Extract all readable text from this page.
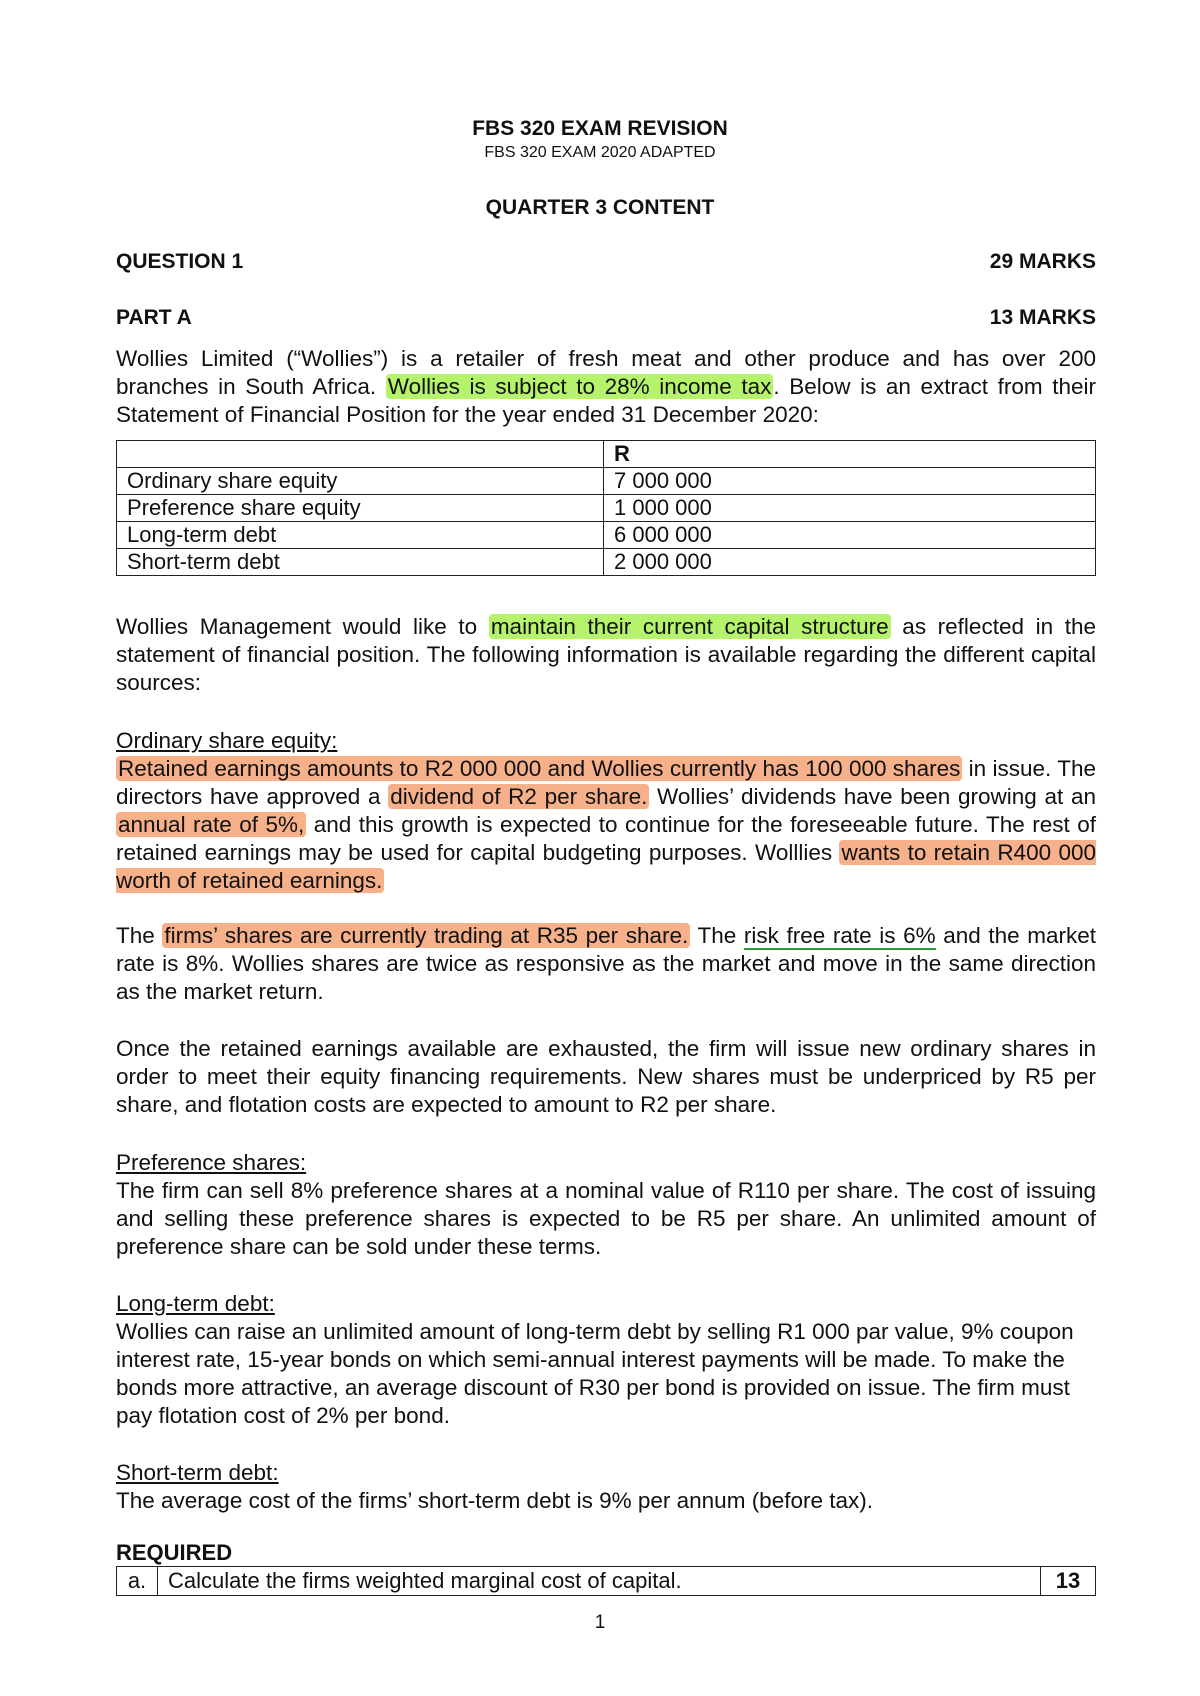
FBS 320 EXAM REVISION
FBS 320 EXAM 2020 ADAPTED
QUARTER 3 CONTENT
QUESTION 1	29 MARKS
PART A	13 MARKS
Wollies Limited (“Wollies”) is a retailer of fresh meat and other produce and has over 200 branches in South Africa. Wollies is subject to 28% income tax. Below is an extract from their Statement of Financial Position for the year ended 31 December 2020:
	R
Ordinary share equity	7 000 000
Preference share equity	1 000 000
Long-term debt	6 000 000
Short-term debt	2 000 000
Wollies Management would like to maintain their current capital structure as reflected in the statement of financial position. The following information is available regarding the different capital sources:
Ordinary share equity:
Retained earnings amounts to R2 000 000 and Wollies currently has 100 000 shares in issue. The directors have approved a dividend of R2 per share. Wollies’ dividends have been growing at an annual rate of 5%, and this growth is expected to continue for the foreseeable future. The rest of retained earnings may be used for capital budgeting purposes. Wolllies wants to retain R400 000 worth of retained earnings.
The firms’ shares are currently trading at R35 per share. The risk free rate is 6% and the market rate is 8%. Wollies shares are twice as responsive as the market and move in the same direction as the market return.
Once the retained earnings available are exhausted, the firm will issue new ordinary shares in order to meet their equity financing requirements. New shares must be underpriced by R5 per share, and flotation costs are expected to amount to R2 per share.
Preference shares:
The firm can sell 8% preference shares at a nominal value of R110 per share. The cost of issuing and selling these preference shares is expected to be R5 per share. An unlimited amount of preference share can be sold under these terms.
Long-term debt:
Wollies can raise an unlimited amount of long-term debt by selling R1 000 par value, 9% coupon interest rate, 15-year bonds on which semi-annual interest payments will be made. To make the bonds more attractive, an average discount of R30 per bond is provided on issue. The firm must pay flotation cost of 2% per bond.
Short-term debt:
The average cost of the firms’ short-term debt is 9% per annum (before tax).
REQUIRED
a.	Calculate the firms weighted marginal cost of capital.	13
1
